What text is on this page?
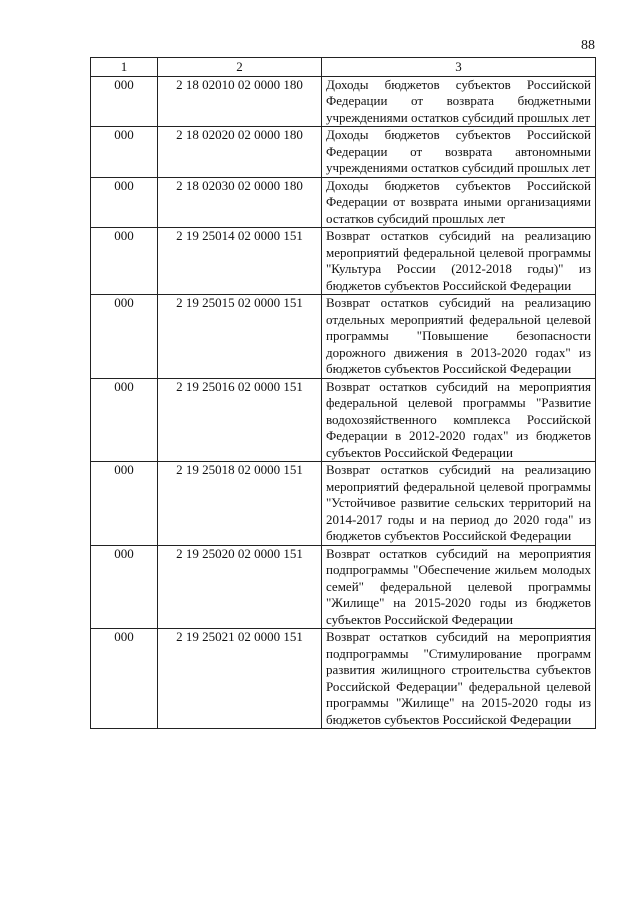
88
1	2	3
000	2 18 02010 02 0000 180	Доходы бюджетов субъектов Российской Федерации от возврата бюджетными учреждениями остатков субсидий прошлых лет
000	2 18 02020 02 0000 180	Доходы бюджетов субъектов Российской Федерации от возврата автономными учреждениями остатков субсидий прошлых лет
000	2 18 02030 02 0000 180	Доходы бюджетов субъектов Российской Федерации от возврата иными организациями остатков субсидий прошлых лет
000	2 19 25014 02 0000 151	Возврат остатков субсидий на реализацию мероприятий федеральной целевой программы "Культура России (2012-2018 годы)" из бюджетов субъектов Российской Федерации
000	2 19 25015 02 0000 151	Возврат остатков субсидий на реализацию отдельных мероприятий федеральной целевой программы "Повышение безопасности дорожного движения в 2013-2020 годах" из бюджетов субъектов Российской Федерации
000	2 19 25016 02 0000 151	Возврат остатков субсидий на мероприятия федеральной целевой программы "Развитие водохозяйственного комплекса Российской Федерации в 2012-2020 годах" из бюджетов субъектов Российской Федерации
000	2 19 25018 02 0000 151	Возврат остатков субсидий на реализацию мероприятий федеральной целевой программы "Устойчивое развитие сельских территорий на 2014-2017 годы и на период до 2020 года" из бюджетов субъектов Российской Федерации
000	2 19 25020 02 0000 151	Возврат остатков субсидий на мероприятия подпрограммы "Обеспечение жильем молодых семей" федеральной целевой программы "Жилище" на 2015-2020 годы из бюджетов субъектов Российской Федерации
000	2 19 25021 02 0000 151	Возврат остатков субсидий на мероприятия подпрограммы "Стимулирование программ развития жилищного строительства субъектов Российской Федерации" федеральной целевой программы "Жилище" на 2015-2020 годы из бюджетов субъектов Российской Федерации
